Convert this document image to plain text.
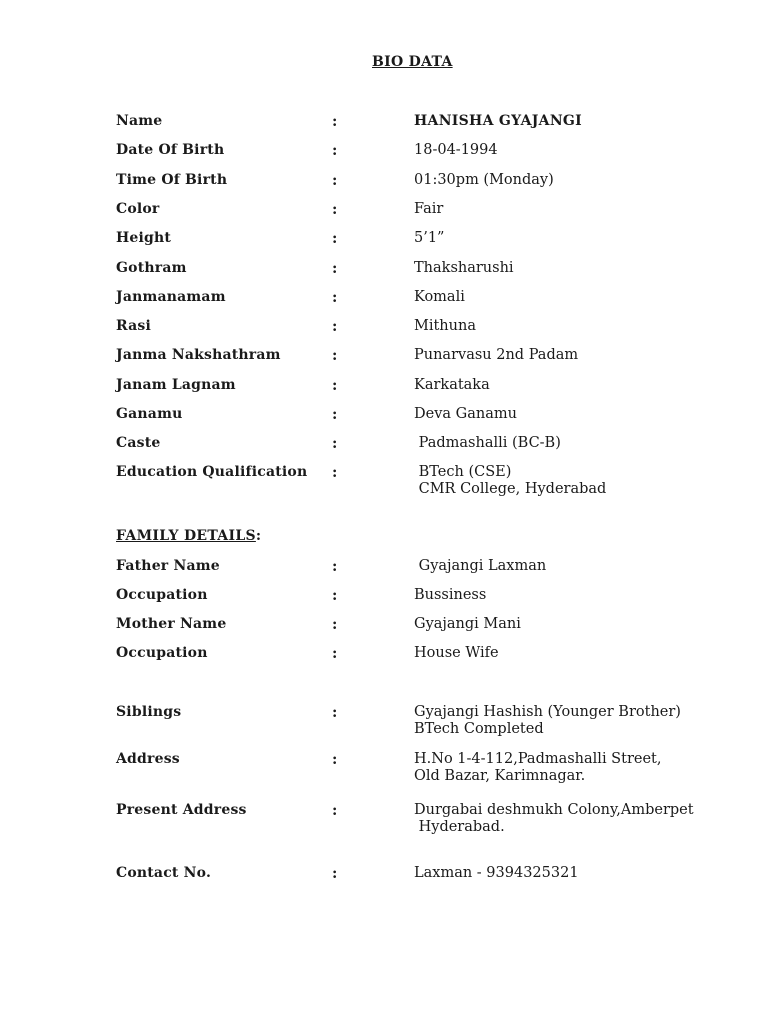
BIO DATA
Name	:	HANISHA GYAJANGI
Date Of Birth	:	18-04-1994
Time Of Birth	:	01:30pm (Monday)
Color	:	Fair
Height	:	5’1”
Gothram	:	Thaksharushi
Janmanamam	:	Komali
Rasi	:	Mithuna
Janma Nakshathram	:	Punarvasu 2nd Padam
Janam Lagnam	:	Karkataka
Ganamu	:	Deva Ganamu
Caste	:	Padmashalli (BC-B)
Education Qualification :	BTech (CSE)
CMR College, Hyderabad
FAMILY DETAILS:
Father Name	:	Gyajangi Laxman
Occupation	:	Bussiness
Mother Name	:	Gyajangi Mani
Occupation	:	House Wife
Siblings	:	Gyajangi Hashish (Younger Brother)
BTech Completed
Address	:	H.No 1-4-112,Padmashalli Street,
Old Bazar, Karimnagar.
Present Address	:	Durgabai deshmukh Colony,Amberpet
Hyderabad.
Contact No.	:	Laxman - 9394325321
